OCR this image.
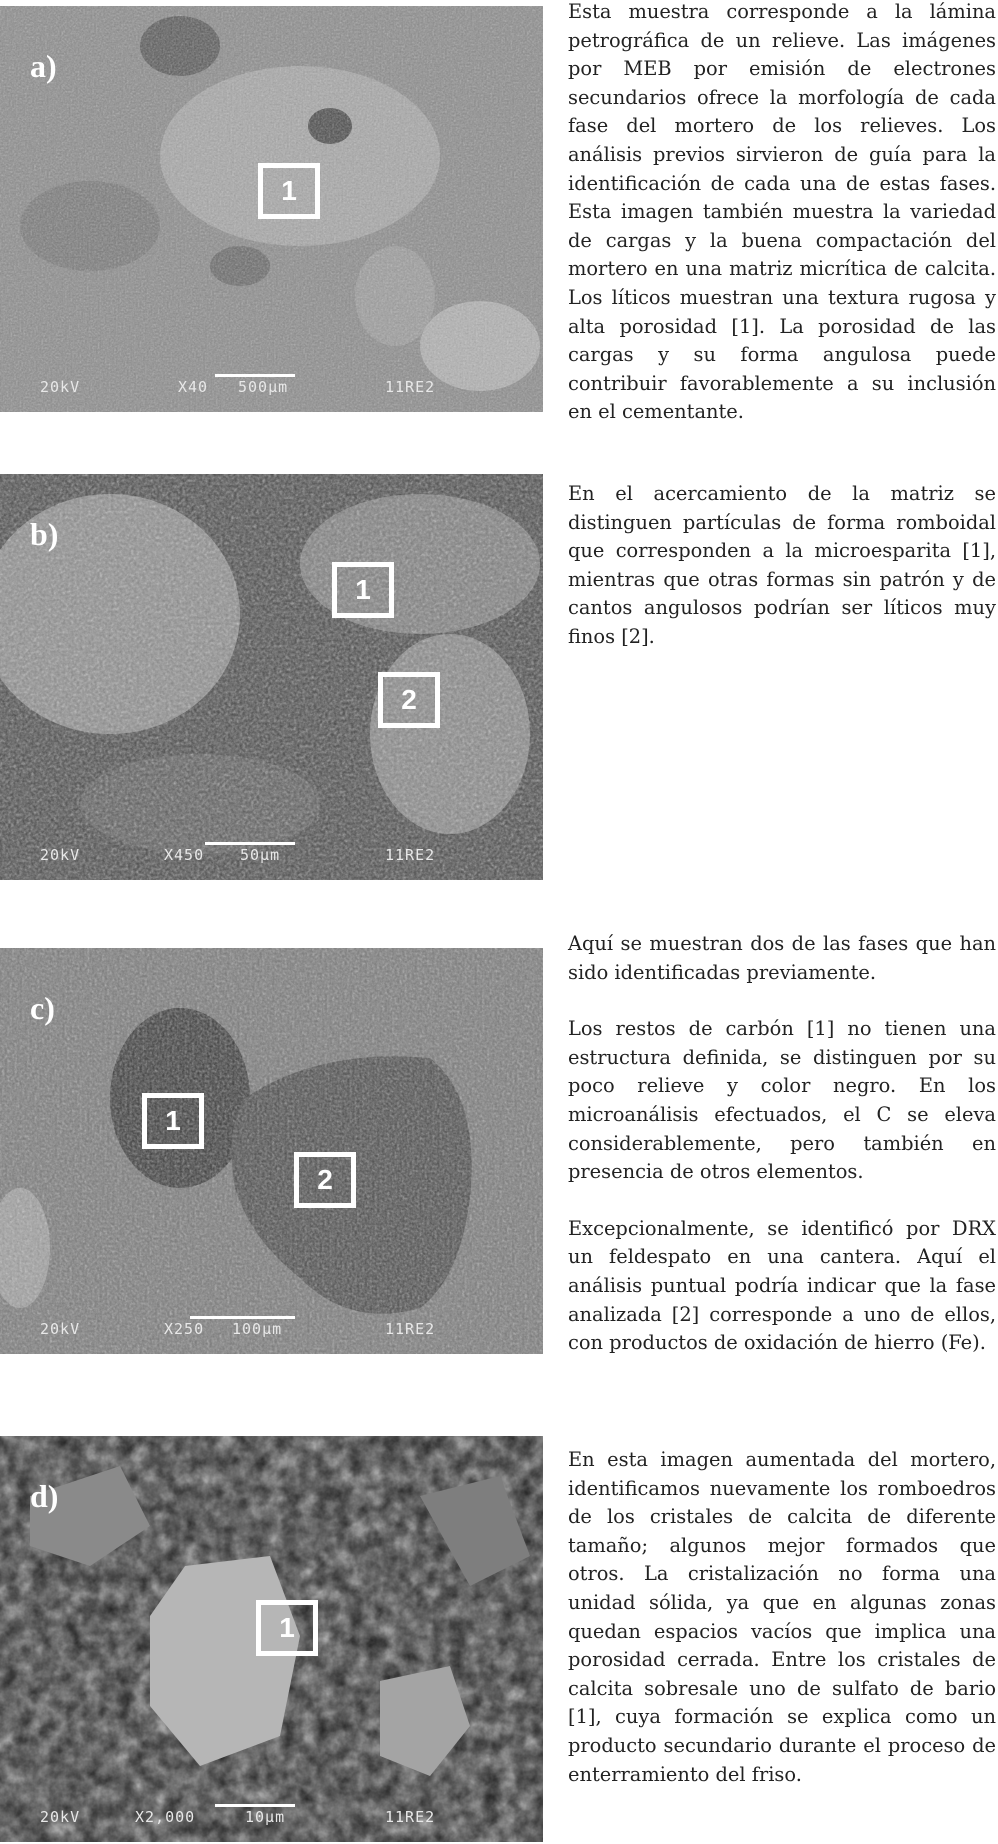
a)
1
20kV	X40 500µm	11RE2
b)
1
2
20kV	X450 50µm	11RE2
c)
1
2
20kV	X250 100µm	11RE2
d)
1
20kV	X2,000	10µm	11RE2

Esta muestra corresponde a la lámina petrográfica de un relieve. Las imágenes por MEB por emisión de electrones secundarios ofrece la morfología de cada fase del mortero de los relieves. Los análisis previos sirvieron de guía para la identificación de cada una de estas fases. Esta imagen también muestra la variedad de cargas y la buena compactación del mortero en una matriz micrítica de calcita. Los líticos muestran una textura rugosa y alta porosidad [1]. La porosidad de las cargas y su forma angulosa puede contribuir favorablemente a su inclusión en el cementante.

En el acercamiento de la matriz se distinguen partículas de forma romboidal que corresponden a la microesparita [1], mientras que otras formas sin patrón y de cantos angulosos podrían ser líticos muy finos [2].

Aquí se muestran dos de las fases que han sido identificadas previamente.

Los restos de carbón [1] no tienen una estructura definida, se distinguen por su poco relieve y color negro. En los microanálisis efectuados, el C se eleva considerablemente, pero también en presencia de otros elementos.

Excepcionalmente, se identificó por DRX un feldespato en una cantera. Aquí el análisis puntual podría indicar que la fase analizada [2] corresponde a uno de ellos, con productos de oxidación de hierro (Fe).

En esta imagen aumentada del mortero, identificamos nuevamente los romboedros de los cristales de calcita de diferente tamaño; algunos mejor formados que otros. La cristalización no forma una unidad sólida, ya que en algunas zonas quedan espacios vacíos que implica una porosidad cerrada. Entre los cristales de calcita sobresale uno de sulfato de bario [1], cuya formación se explica como un producto secundario durante el proceso de enterramiento del friso.
